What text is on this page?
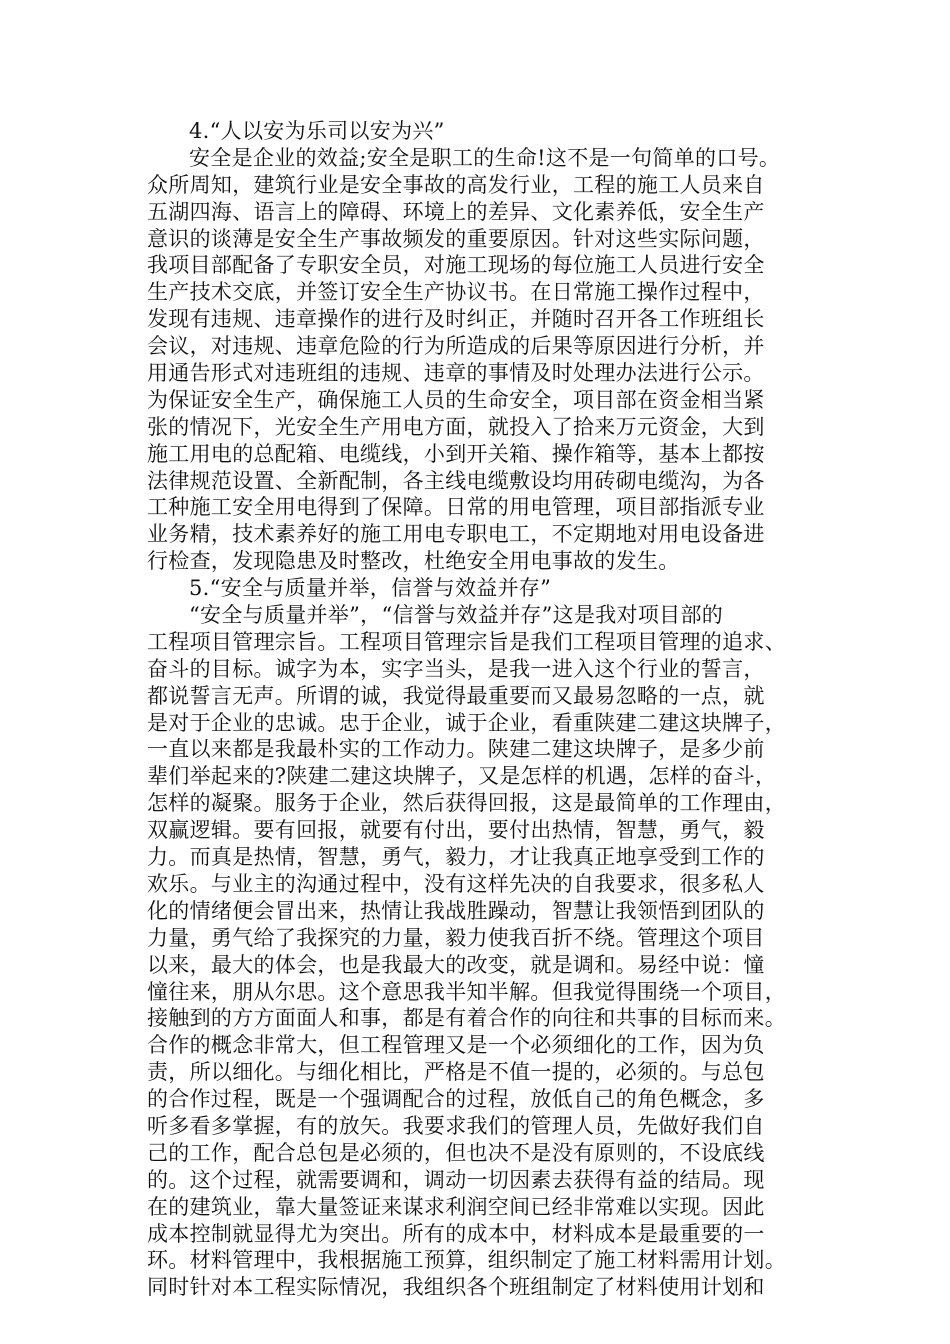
4.“人以安为乐司以安为兴”
安全是企业的效益;安全是职工的生命!这不是一句简单的口号。
众所周知，建筑行业是安全事故的高发行业，工程的施工人员来自
五湖四海、语言上的障碍、环境上的差异、文化素养低，安全生产
意识的谈薄是安全生产事故频发的重要原因。针对这些实际问题，
我项目部配备了专职安全员，对施工现场的每位施工人员进行安全
生产技术交底，并签订安全生产协议书。在日常施工操作过程中，
发现有违规、违章操作的进行及时纠正，并随时召开各工作班组长
会议，对违规、违章危险的行为所造成的后果等原因进行分析，并
用通告形式对违班组的违规、违章的事情及时处理办法进行公示。
为保证安全生产，确保施工人员的生命安全，项目部在资金相当紧
张的情况下，光安全生产用电方面，就投入了拾来万元资金，大到
施工用电的总配箱、电缆线，小到开关箱、操作箱等，基本上都按
法律规范设置、全新配制，各主线电缆敷设均用砖砌电缆沟，为各
工种施工安全用电得到了保障。日常的用电管理，项目部指派专业
业务精，技术素养好的施工用电专职电工，不定期地对用电设备进
行检查，发现隐患及时整改，杜绝安全用电事故的发生。
5.“安全与质量并举，信誉与效益并存”
“安全与质量并举”，“信誉与效益并存”这是我对项目部的
工程项目管理宗旨。工程项目管理宗旨是我们工程项目管理的追求、
奋斗的目标。诚字为本，实字当头，是我一进入这个行业的誓言，
都说誓言无声。所谓的诚，我觉得最重要而又最易忽略的一点，就
是对于企业的忠诚。忠于企业，诚于企业，看重陕建二建这块牌子，
一直以来都是我最朴实的工作动力。陕建二建这块牌子，是多少前
辈们举起来的?陕建二建这块牌子，又是怎样的机遇，怎样的奋斗，
怎样的凝聚。服务于企业，然后获得回报，这是最简单的工作理由，
双赢逻辑。要有回报，就要有付出，要付出热情，智慧，勇气，毅
力。而真是热情，智慧，勇气，毅力，才让我真正地享受到工作的
欢乐。与业主的沟通过程中，没有这样先决的自我要求，很多私人
化的情绪便会冒出来，热情让我战胜躁动，智慧让我领悟到团队的
力量，勇气给了我探究的力量，毅力使我百折不绕。管理这个项目
以来，最大的体会，也是我最大的改变，就是调和。易经中说：憧
憧往来，朋从尔思。这个意思我半知半解。但我觉得围绕一个项目，
接触到的方方面面人和事，都是有着合作的向往和共事的目标而来。
合作的概念非常大，但工程管理又是一个必须细化的工作，因为负
责，所以细化。与细化相比，严格是不值一提的，必须的。与总包
的合作过程，既是一个强调配合的过程，放低自己的角色概念，多
听多看多掌握，有的放矢。我要求我们的管理人员，先做好我们自
己的工作，配合总包是必须的，但也决不是没有原则的，不设底线
的。这个过程，就需要调和，调动一切因素去获得有益的结局。现
在的建筑业，靠大量签证来谋求利润空间已经非常难以实现。因此
成本控制就显得尤为突出。所有的成本中，材料成本是最重要的一
环。材料管理中，我根据施工预算，组织制定了施工材料需用计划。
同时针对本工程实际情况，我组织各个班组制定了材料使用计划和
